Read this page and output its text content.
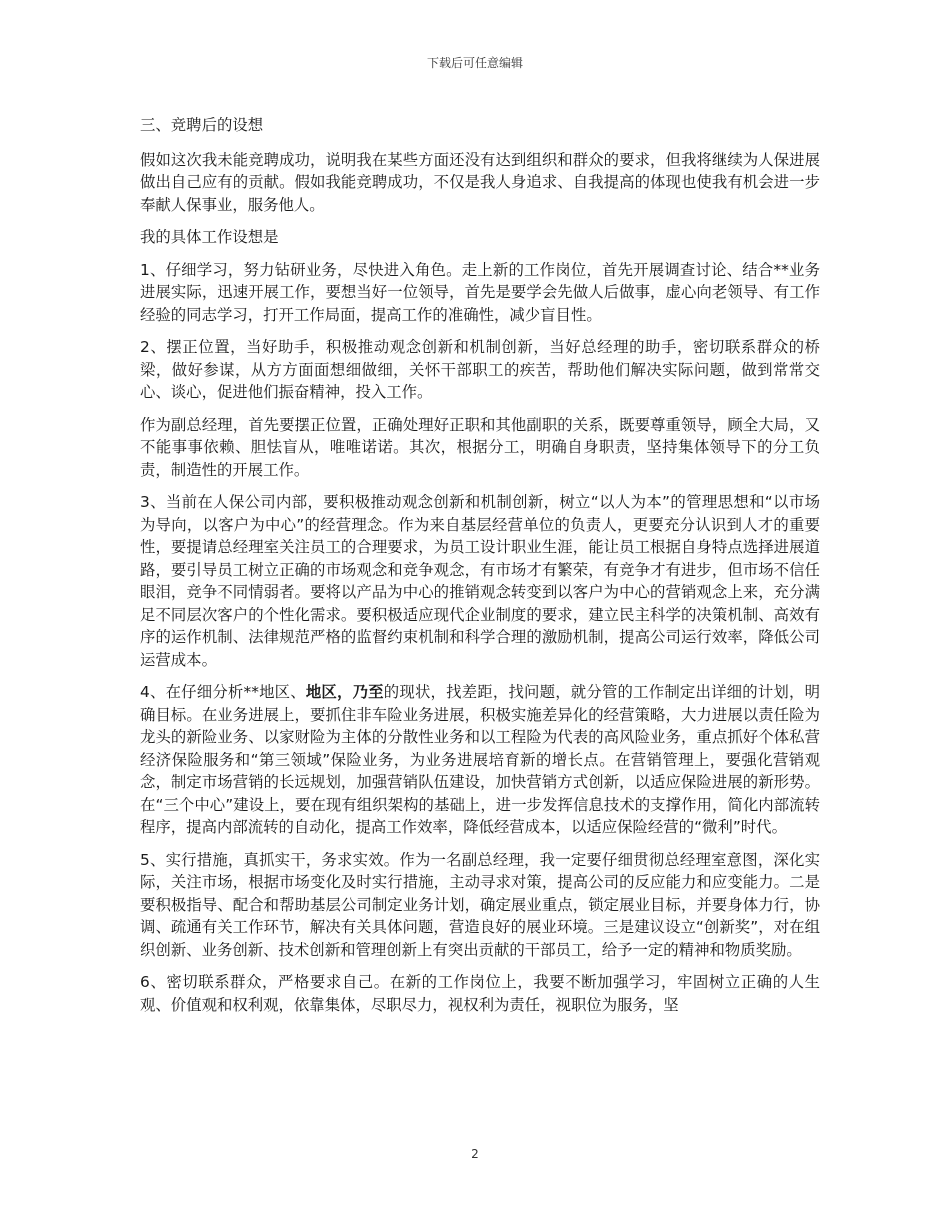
下载后可任意编辑

三、竞聘后的设想

假如这次我未能竞聘成功，说明我在某些方面还没有达到组织和群众的要求，但我将继续为人保进展做出自己应有的贡献。假如我能竞聘成功，不仅是我人身追求、自我提高的体现也使我有机会进一步奉献人保事业，服务他人。

我的具体工作设想是

1、仔细学习，努力钻研业务，尽快进入角色。走上新的工作岗位，首先开展调查讨论、结合**业务进展实际，迅速开展工作，要想当好一位领导，首先是要学会先做人后做事，虚心向老领导、有工作经验的同志学习，打开工作局面，提高工作的准确性，减少盲目性。

2、摆正位置，当好助手，积极推动观念创新和机制创新，当好总经理的助手，密切联系群众的桥梁，做好参谋，从方方面面想细做细，关怀干部职工的疾苦，帮助他们解决实际问题，做到常常交心、谈心，促进他们振奋精神，投入工作。

作为副总经理，首先要摆正位置，正确处理好正职和其他副职的关系，既要尊重领导，顾全大局，又不能事事依赖、胆怯盲从，唯唯诺诺。其次，根据分工，明确自身职责，坚持集体领导下的分工负责，制造性的开展工作。

3、当前在人保公司内部，要积极推动观念创新和机制创新，树立“以人为本”的管理思想和“以市场为导向，以客户为中心”的经营理念。作为来自基层经营单位的负责人，更要充分认识到人才的重要性，要提请总经理室关注员工的合理要求，为员工设计职业生涯，能让员工根据自身特点选择进展道路，要引导员工树立正确的市场观念和竞争观念，有市场才有繁荣，有竞争才有进步，但市场不信任眼泪，竞争不同情弱者。要将以产品为中心的推销观念转变到以客户为中心的营销观念上来，充分满足不同层次客户的个性化需求。要积极适应现代企业制度的要求，建立民主科学的决策机制、高效有序的运作机制、法律规范严格的监督约束机制和科学合理的激励机制，提高公司运行效率，降低公司运营成本。

4、在仔细分析**地区、地区，乃至的现状，找差距，找问题，就分管的工作制定出详细的计划，明确目标。在业务进展上，要抓住非车险业务进展，积极实施差异化的经营策略，大力进展以责任险为龙头的新险业务、以家财险为主体的分散性业务和以工程险为代表的高风险业务，重点抓好个体私营经济保险服务和“第三领域”保险业务，为业务进展培育新的增长点。在营销管理上，要强化营销观念，制定市场营销的长远规划，加强营销队伍建设，加快营销方式创新，以适应保险进展的新形势。在“三个中心”建设上，要在现有组织架构的基础上，进一步发挥信息技术的支撑作用，简化内部流转程序，提高内部流转的自动化，提高工作效率，降低经营成本，以适应保险经营的“微利”时代。

5、实行措施，真抓实干，务求实效。作为一名副总经理，我一定要仔细贯彻总经理室意图，深化实际，关注市场，根据市场变化及时实行措施，主动寻求对策，提高公司的反应能力和应变能力。二是要积极指导、配合和帮助基层公司制定业务计划，确定展业重点，锁定展业目标，并要身体力行，协调、疏通有关工作环节，解决有关具体问题，营造良好的展业环境。三是建议设立“创新奖”，对在组织创新、业务创新、技术创新和管理创新上有突出贡献的干部员工，给予一定的精神和物质奖励。

6、密切联系群众，严格要求自己。在新的工作岗位上，我要不断加强学习，牢固树立正确的人生观、价值观和权利观，依靠集体，尽职尽力，视权利为责任，视职位为服务，坚

2
